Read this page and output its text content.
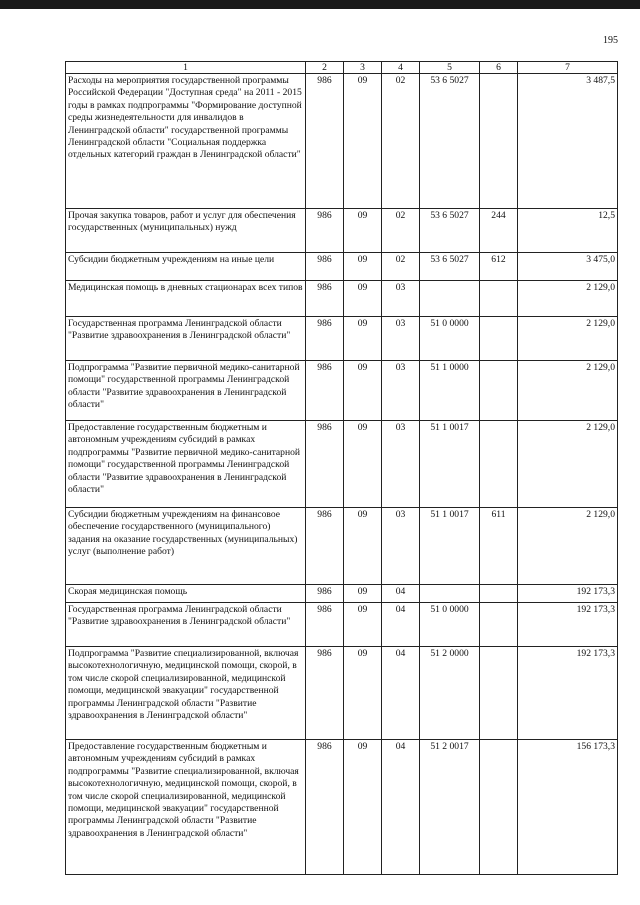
195
1	2	3	4	5	6	7
Расходы на мероприятия государственной программы Российской Федерации "Доступная среда" на 2011 - 2015 годы в рамках подпрограммы "Формирование доступной среды жизнедеятельности для инвалидов в Ленинградской области" государственной программы Ленинградской области "Социальная поддержка отдельных категорий граждан в Ленинградской области"	986	09	02	53 6 5027		3 487,5
Прочая закупка товаров, работ и услуг для обеспечения государственных (муниципальных) нужд	986	09	02	53 6 5027	244	12,5
Субсидии бюджетным учреждениям на иные цели	986	09	02	53 6 5027	612	3 475,0
Медицинская помощь в дневных стационарах всех типов	986	09	03			2 129,0
Государственная программа Ленинградской области "Развитие здравоохранения в Ленинградской области"	986	09	03	51 0 0000		2 129,0
Подпрограмма "Развитие первичной медико-санитарной помощи" государственной программы Ленинградской области "Развитие здравоохранения в Ленинградской области"	986	09	03	51 1 0000		2 129,0
Предоставление государственным бюджетным и автономным учреждениям субсидий в рамках подпрограммы "Развитие первичной медико-санитарной помощи" государственной программы Ленинградской области "Развитие здравоохранения в Ленинградской области"	986	09	03	51 1 0017		2 129,0
Субсидии бюджетным учреждениям на финансовое обеспечение государственного (муниципального) задания на оказание государственных (муниципальных) услуг (выполнение работ)	986	09	03	51 1 0017	611	2 129,0
Скорая медицинская помощь	986	09	04			192 173,3
Государственная программа Ленинградской области "Развитие здравоохранения в Ленинградской области"	986	09	04	51 0 0000		192 173,3
Подпрограмма "Развитие специализированной, включая высокотехнологичную, медицинской помощи, скорой, в том числе скорой специализированной, медицинской помощи, медицинской эвакуации" государственной программы Ленинградской области "Развитие здравоохранения в Ленинградской области"	986	09	04	51 2 0000		192 173,3
Предоставление государственным бюджетным и автономным учреждениям субсидий в рамках подпрограммы "Развитие специализированной, включая высокотехнологичную, медицинской помощи, скорой, в том числе скорой специализированной, медицинской помощи, медицинской эвакуации" государственной программы Ленинградской области "Развитие здравоохранения в Ленинградской области"	986	09	04	51 2 0017		156 173,3
